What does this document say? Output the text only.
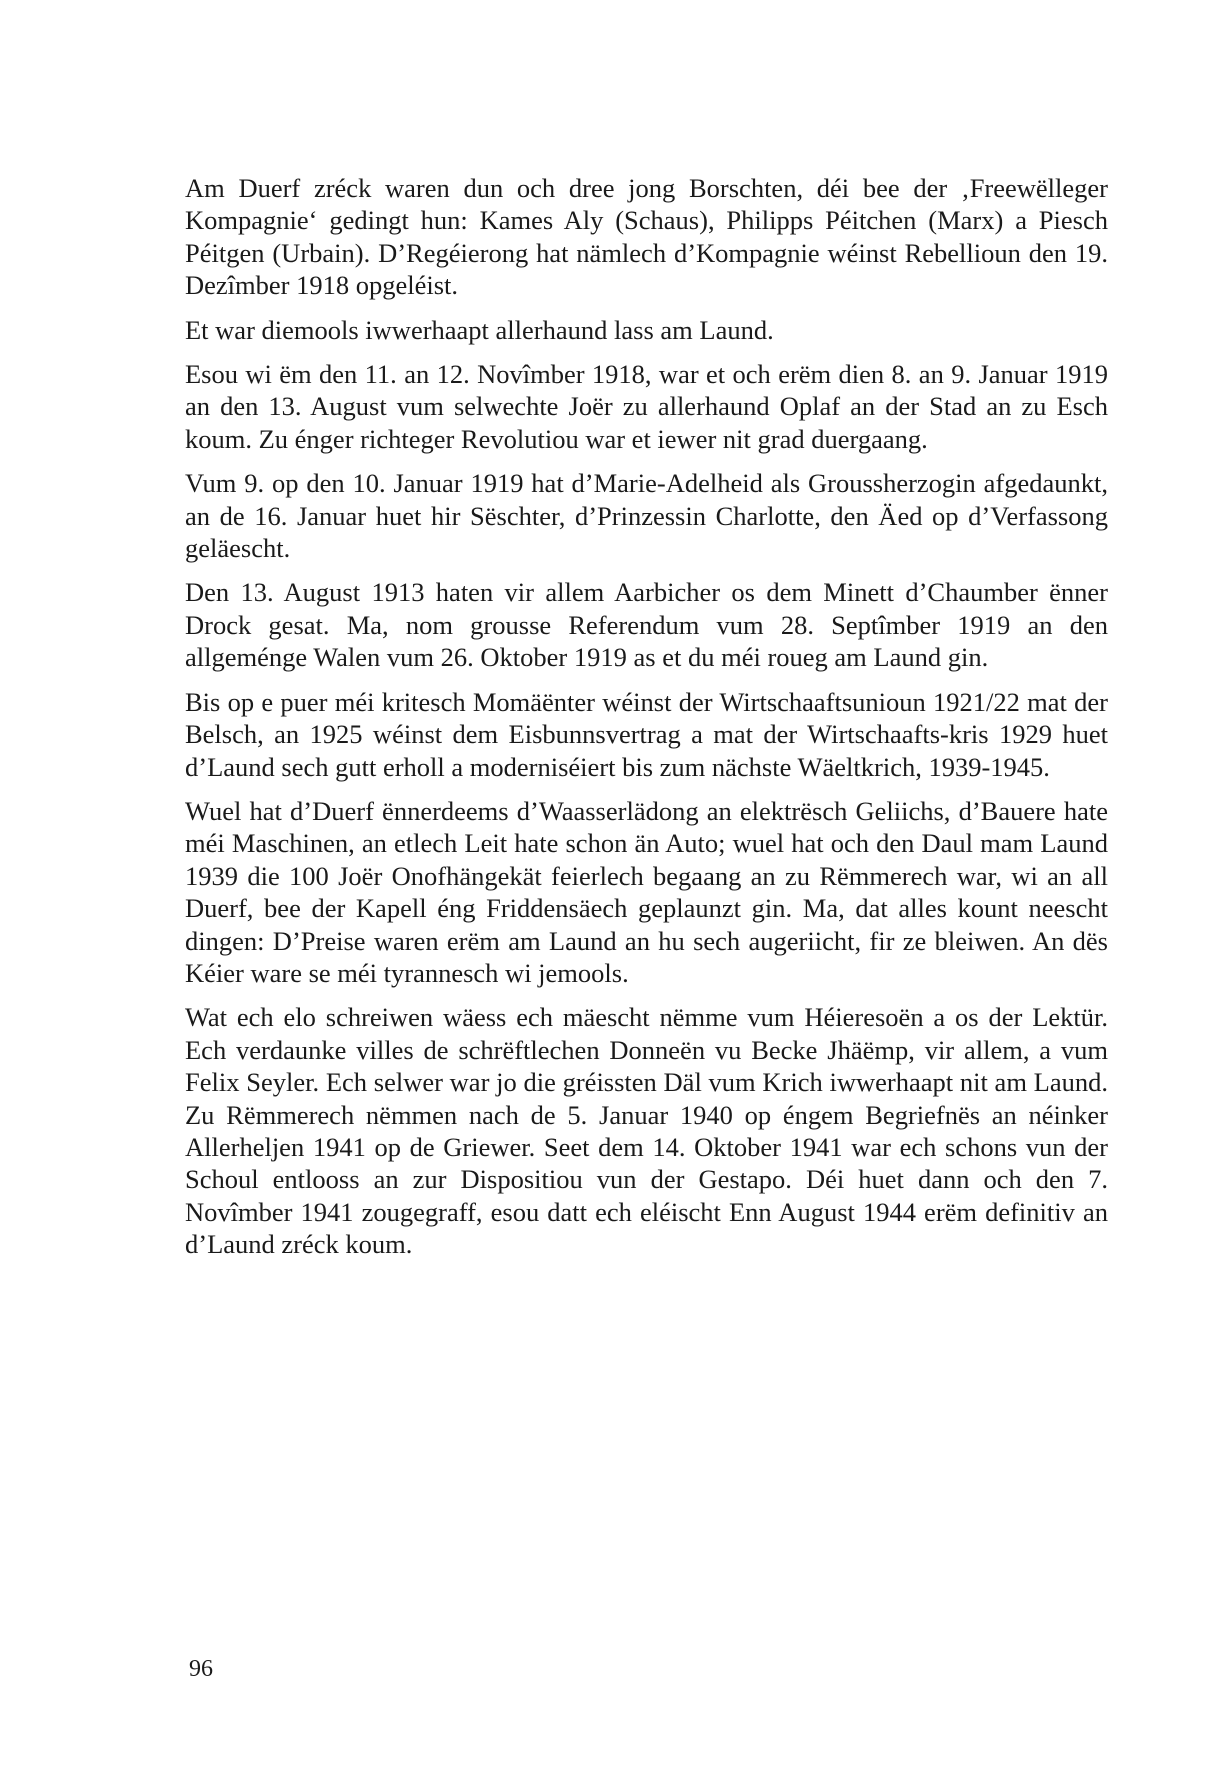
Am Duerf zréck waren dun och dree jong Borschten, déi bee der ‚Freewëlleger Kompagnie‘ gedingt hun: Kames Aly (Schaus), Philipps Péitchen (Marx) a Piesch Péitgen (Urbain). D’Regéierong hat nämlech d’Kompagnie wéinst Rebellioun den 19. Dezîmber 1918 opgeléist.

Et war diemools iwwerhaapt allerhaund lass am Laund.

Esou wi ëm den 11. an 12. Novîmber 1918, war et och erëm dien 8. an 9. Januar 1919 an den 13. August vum selwechte Joër zu allerhaund Oplaf an der Stad an zu Esch koum. Zu énger richteger Revolutiou war et iewer nit grad duergaang.

Vum 9. op den 10. Januar 1919 hat d’Marie-Adelheid als Groussherzogin afgedaunkt, an de 16. Januar huet hir Sëschter, d’Prinzessin Charlotte, den Äed op d’Verfassong geläescht.

Den 13. August 1913 haten vir allem Aarbicher os dem Minett d’Chaumber ënner Drock gesat. Ma, nom grousse Referendum vum 28. Septîmber 1919 an den allgeménge Walen vum 26. Oktober 1919 as et du méi roueg am Laund gin.

Bis op e puer méi kritesch Momäënter wéinst der Wirtschaaftsunioun 1921/22 mat der Belsch, an 1925 wéinst dem Eisbunnsvertrag a mat der Wirtschaafts-kris 1929 huet d’Laund sech gutt erholl a moderniséiert bis zum nächste Wäeltkrich, 1939-1945.

Wuel hat d’Duerf ënnerdeems d’Waasserlädong an elektrësch Geliichs, d’Bauere hate méi Maschinen, an etlech Leit hate schon än Auto; wuel hat och den Daul mam Laund 1939 die 100 Joër Onofhängekät feierlech begaang an zu Rëmmerech war, wi an all Duerf, bee der Kapell éng Friddensäech geplaunzt gin. Ma, dat alles kount neescht dingen: D’Preise waren erëm am Laund an hu sech augeriicht, fir ze bleiwen. An dës Kéier ware se méi tyrannesch wi jemools.

Wat ech elo schreiwen wäess ech mäescht nëmme vum Héieresoën a os der Lektür. Ech verdaunke villes de schrëftlechen Donneën vu Becke Jhäëmp, vir allem, a vum Felix Seyler. Ech selwer war jo die gréissten Däl vum Krich iwwerhaapt nit am Laund. Zu Rëmmerech nëmmen nach de 5. Januar 1940 op éngem Begriefnës an néinker Allerheljen 1941 op de Griewer. Seet dem 14. Oktober 1941 war ech schons vun der Schoul entlooss an zur Dispositiou vun der Gestapo. Déi huet dann och den 7. Novîmber 1941 zougegraff, esou datt ech eléischt Enn August 1944 erëm definitiv an d’Laund zréck koum.

96
